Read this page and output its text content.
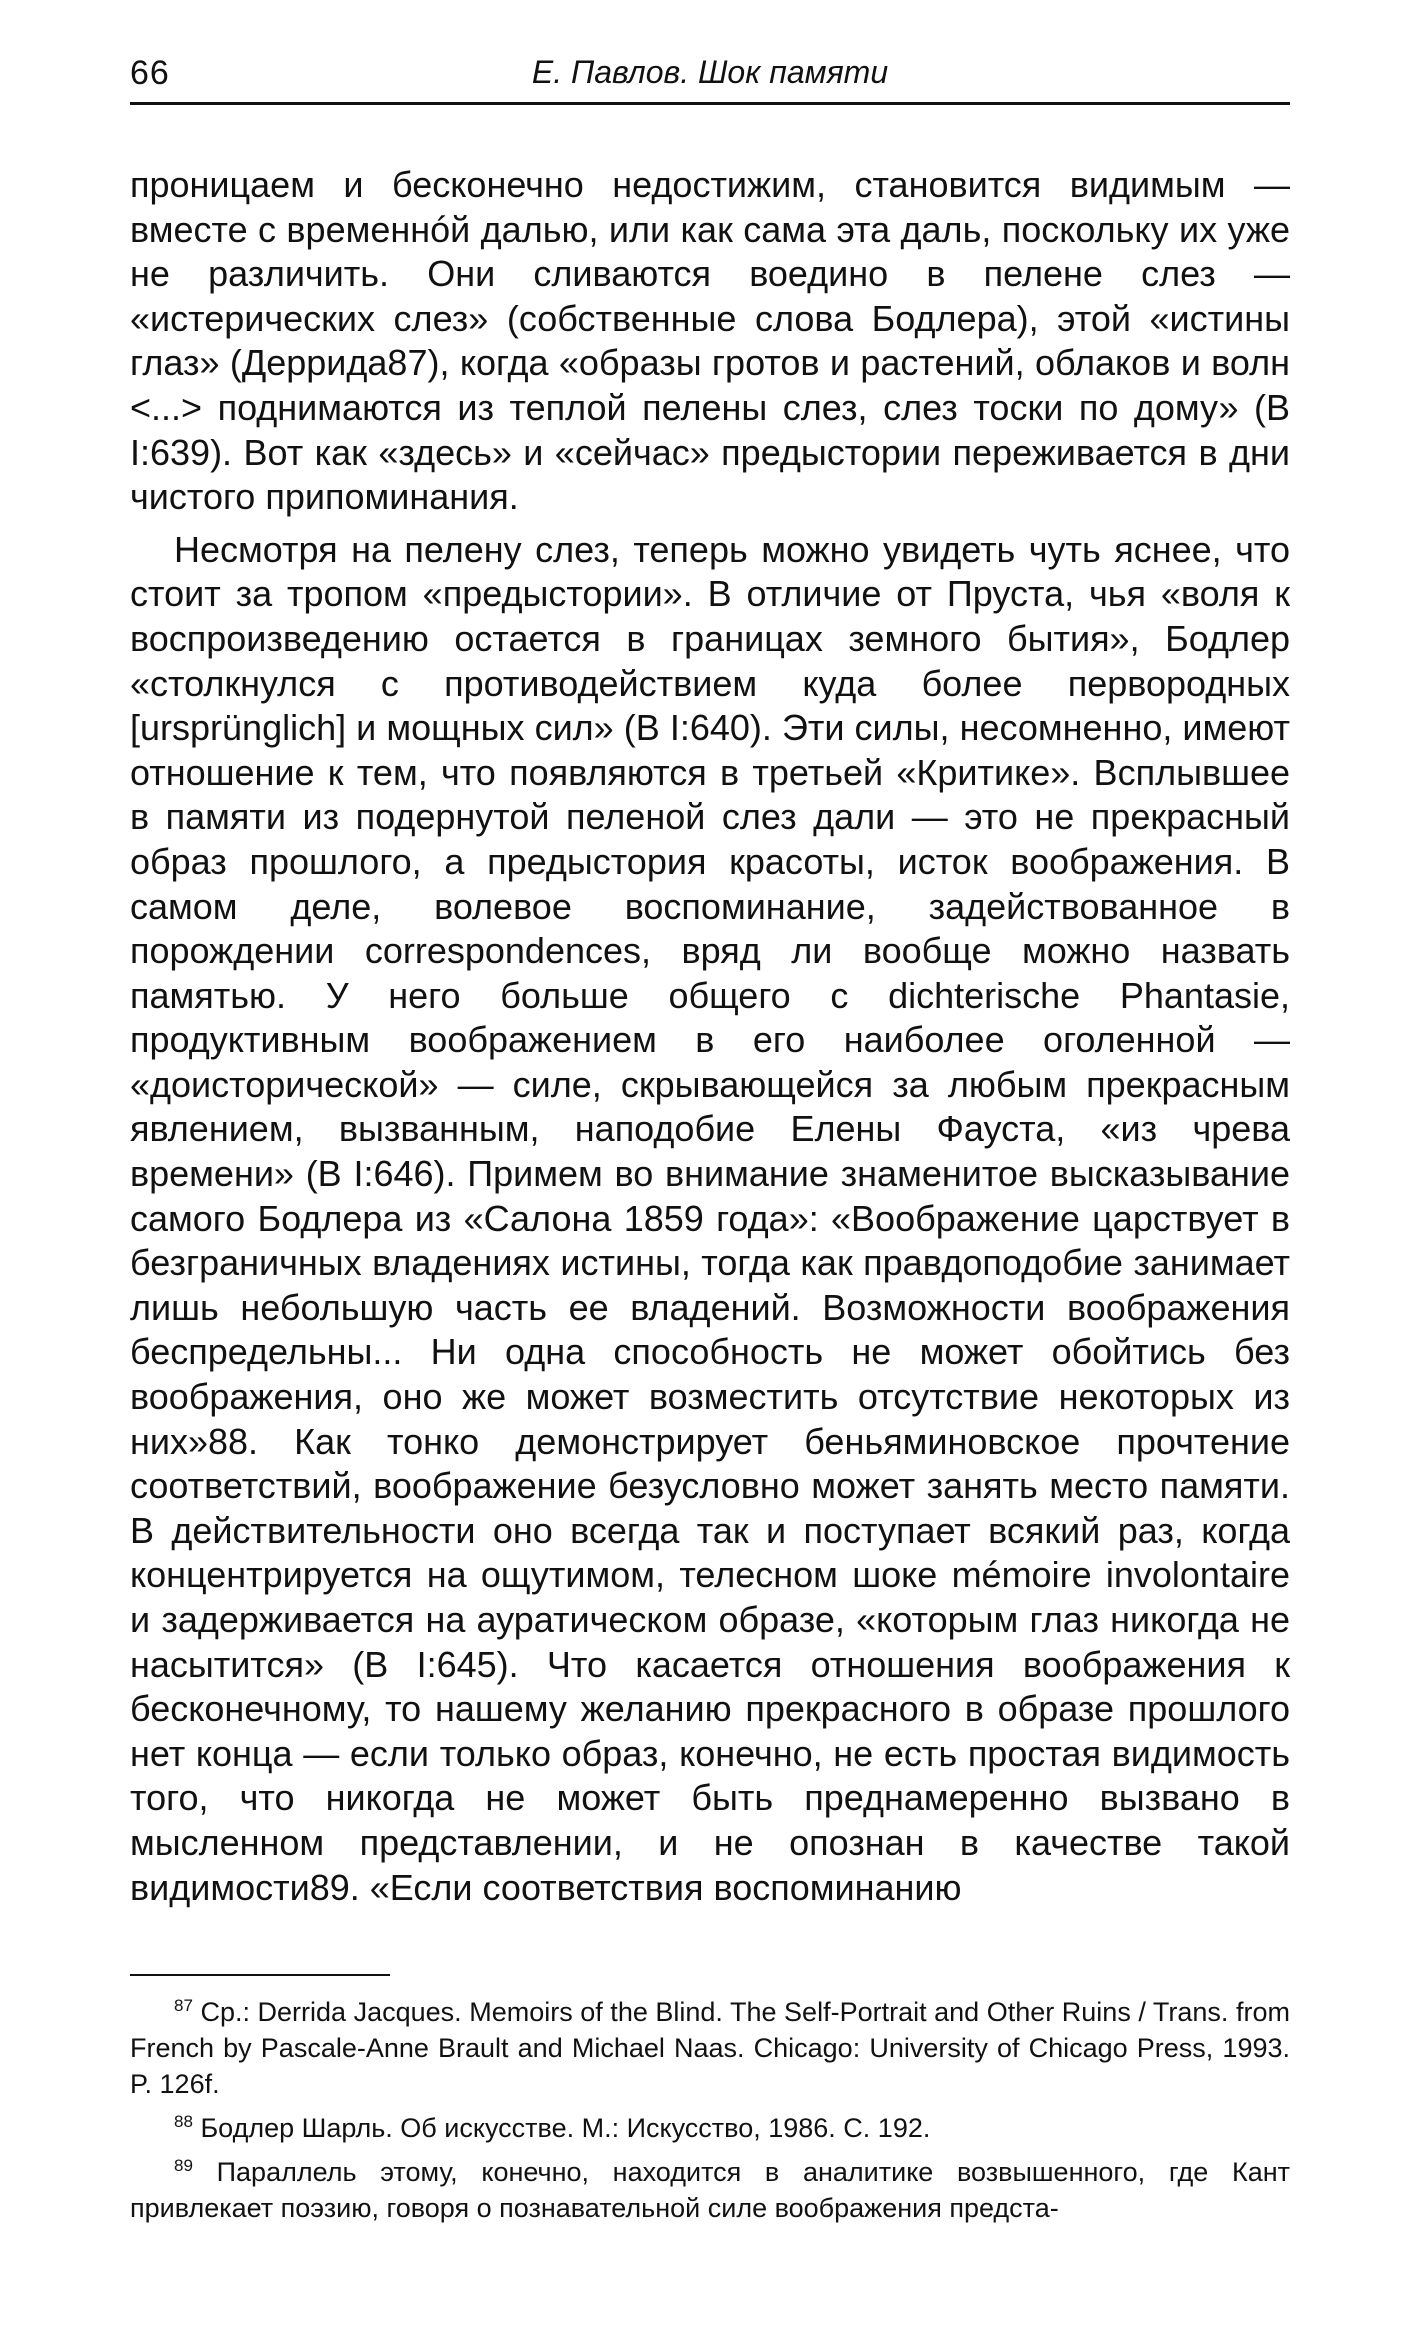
66	Е. Павлов. Шок памяти

проницаем и бесконечно недостижим, становится видимым — вместе с временнóй далью, или как сама эта даль, поскольку их уже не различить. Они сливаются воедино в пелене слез — «истерических слез» (собственные слова Бодлера), этой «истины глаз» (Деррида87), когда «образы гротов и растений, облаков и волн <...> поднимаются из теплой пелены слез, слез тоски по дому» (B I:639). Вот как «здесь» и «сейчас» предыстории переживается в дни чистого припоминания.

Несмотря на пелену слез, теперь можно увидеть чуть яснее, что стоит за тропом «предыстории». В отличие от Пруста, чья «воля к воспроизведению остается в границах земного бытия», Бодлер «столкнулся с противодействием куда более первородных [ursprünglich] и мощных сил» (B I:640). Эти силы, несомненно, имеют отношение к тем, что появляются в третьей «Критике». Всплывшее в памяти из подернутой пеленой слез дали — это не прекрасный образ прошлого, а предыстория красоты, исток воображения. В самом деле, волевое воспоминание, задействованное в порождении correspondences, вряд ли вообще можно назвать памятью. У него больше общего с dichterische Phantasie, продуктивным воображением в его наиболее оголенной — «доисторической» — силе, скрывающейся за любым прекрасным явлением, вызванным, наподобие Елены Фауста, «из чрева времени» (B I:646). Примем во внимание знаменитое высказывание самого Бодлера из «Салона 1859 года»: «Воображение царствует в безграничных владениях истины, тогда как правдоподобие занимает лишь небольшую часть ее владений. Возможности воображения беспредельны... Ни одна способность не может обойтись без воображения, оно же может возместить отсутствие некоторых из них»88. Как тонко демонстрирует беньяминовское прочтение соответствий, воображение безусловно может занять место памяти. В действительности оно всегда так и поступает всякий раз, когда концентрируется на ощутимом, телесном шоке mémoire involontaire и задерживается на ауратическом образе, «которым глаз никогда не насытится» (B I:645). Что касается отношения воображения к бесконечному, то нашему желанию прекрасного в образе прошлого нет конца — если только образ, конечно, не есть простая видимость того, что никогда не может быть преднамеренно вызвано в мысленном представлении, и не опознан в качестве такой видимости89. «Если соответствия воспоминанию

$^{87}$ Ср.: Derrida Jacques. Memoirs of the Blind. The Self-Portrait and Other Ruins / Trans. from French by Pascale-Anne Brault and Michael Naas. Chicago: University of Chicago Press, 1993. P. 126f.

$^{88}$ Бодлер Шарль. Об искусстве. М.: Искусство, 1986. С. 192.

$^{89}$ Параллель этому, конечно, находится в аналитике возвышенного, где Кант привлекает поэзию, говоря о познавательной силе воображения предста-
